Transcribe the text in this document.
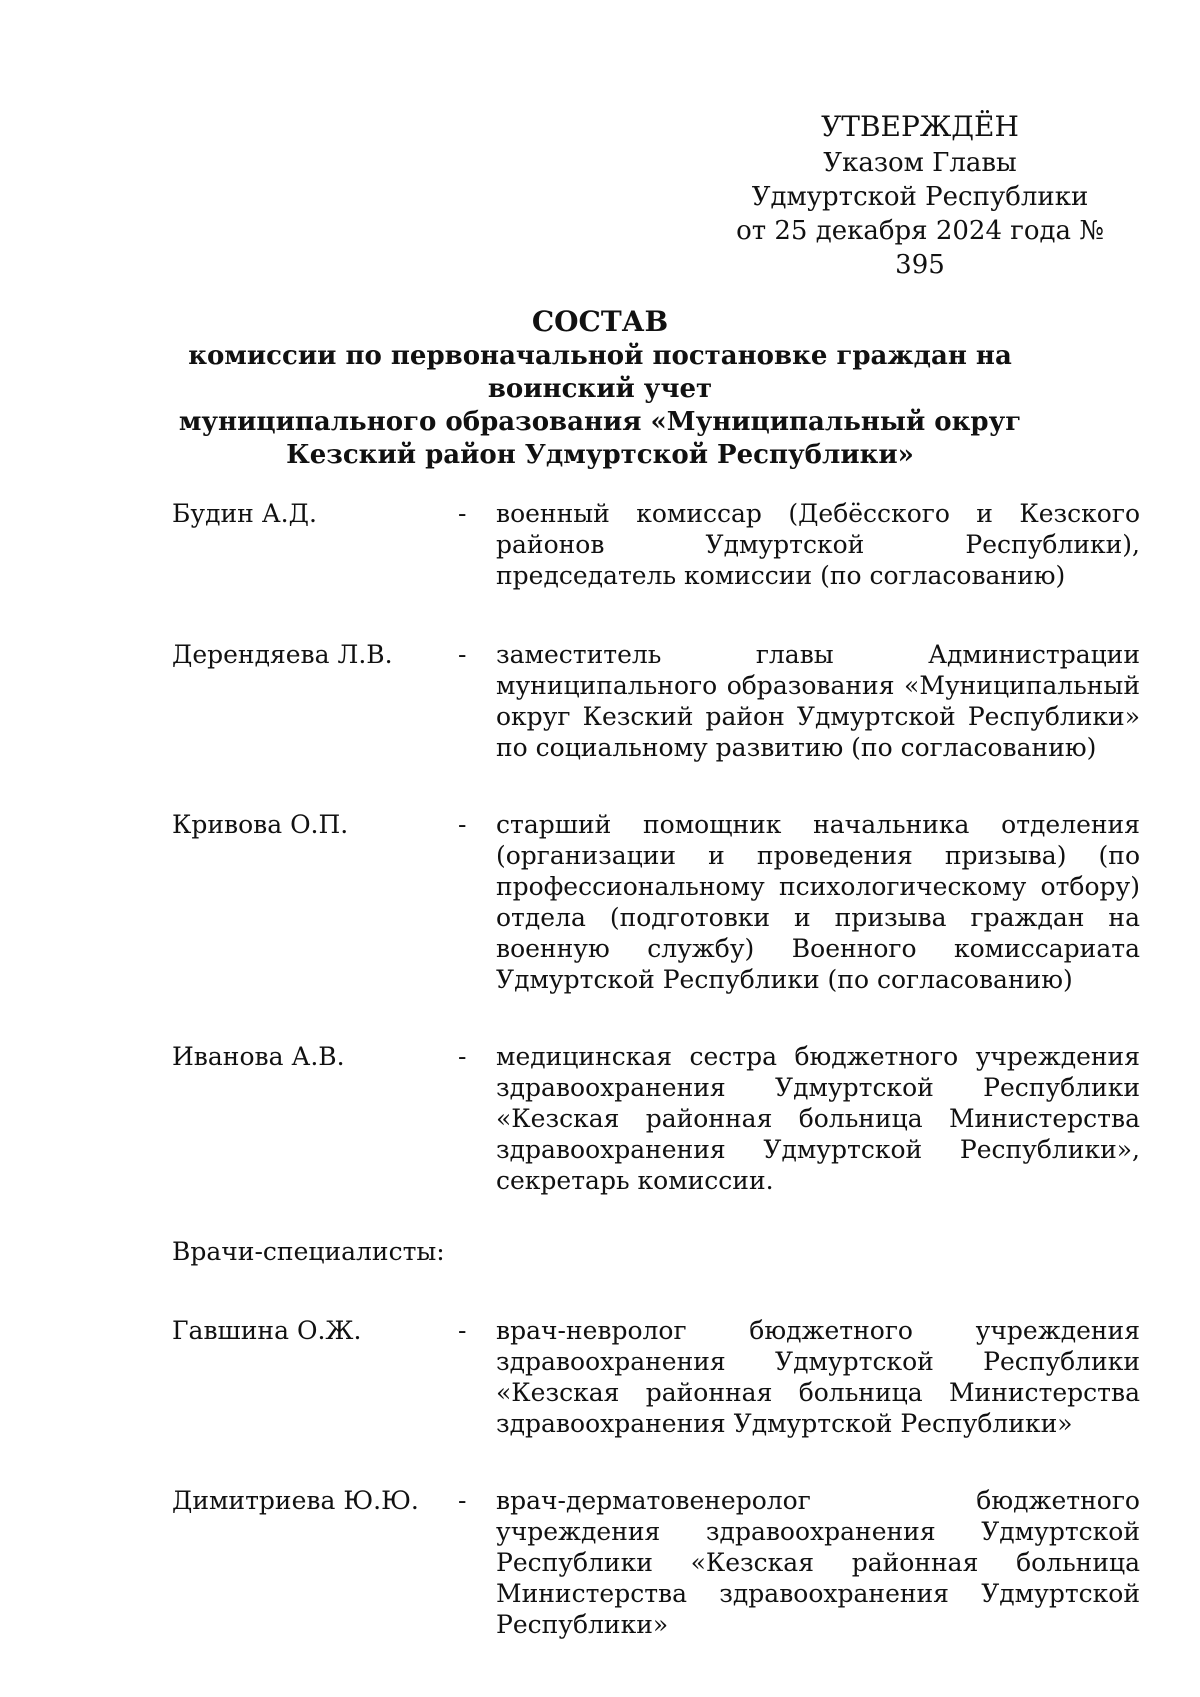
УТВЕРЖДЁН
Указом Главы
Удмуртской Республики
от 25 декабря 2024 года № 395
СОСТАВ
комиссии по первоначальной постановке граждан на воинский учет
муниципального образования «Муниципальный округ
Кезский район Удмуртской Республики»
Будин А.Д.	-	военный комиссар (Дебёсского и Кезского районов Удмуртской Республики), председатель комиссии (по согласованию)
Дерендяева Л.В.	-	заместитель главы Администрации муниципального образования «Муниципальный округ Кезский район Удмуртской Республики» по социальному развитию (по согласованию)
Кривова О.П.	-	старший помощник начальника отделения (организации и проведения призыва) (по профессиональному психологическому отбору) отдела (подготовки и призыва граждан на военную службу) Военного комиссариата Удмуртской Республики (по согласованию)
Иванова А.В.	-	медицинская сестра бюджетного учреждения здравоохранения Удмуртской Республики «Кезская районная больница Министерства здравоохранения Удмуртской Республики», секретарь комиссии.
Врачи-специалисты:
Гавшина О.Ж.	-	врач-невролог бюджетного учреждения здравоохранения Удмуртской Республики «Кезская районная больница Министерства здравоохранения Удмуртской Республики»
Димитриева Ю.Ю.	-	врач-дерматовенеролог бюджетного учреждения здравоохранения Удмуртской Республики «Кезская районная больница Министерства здравоохранения Удмуртской Республики»
